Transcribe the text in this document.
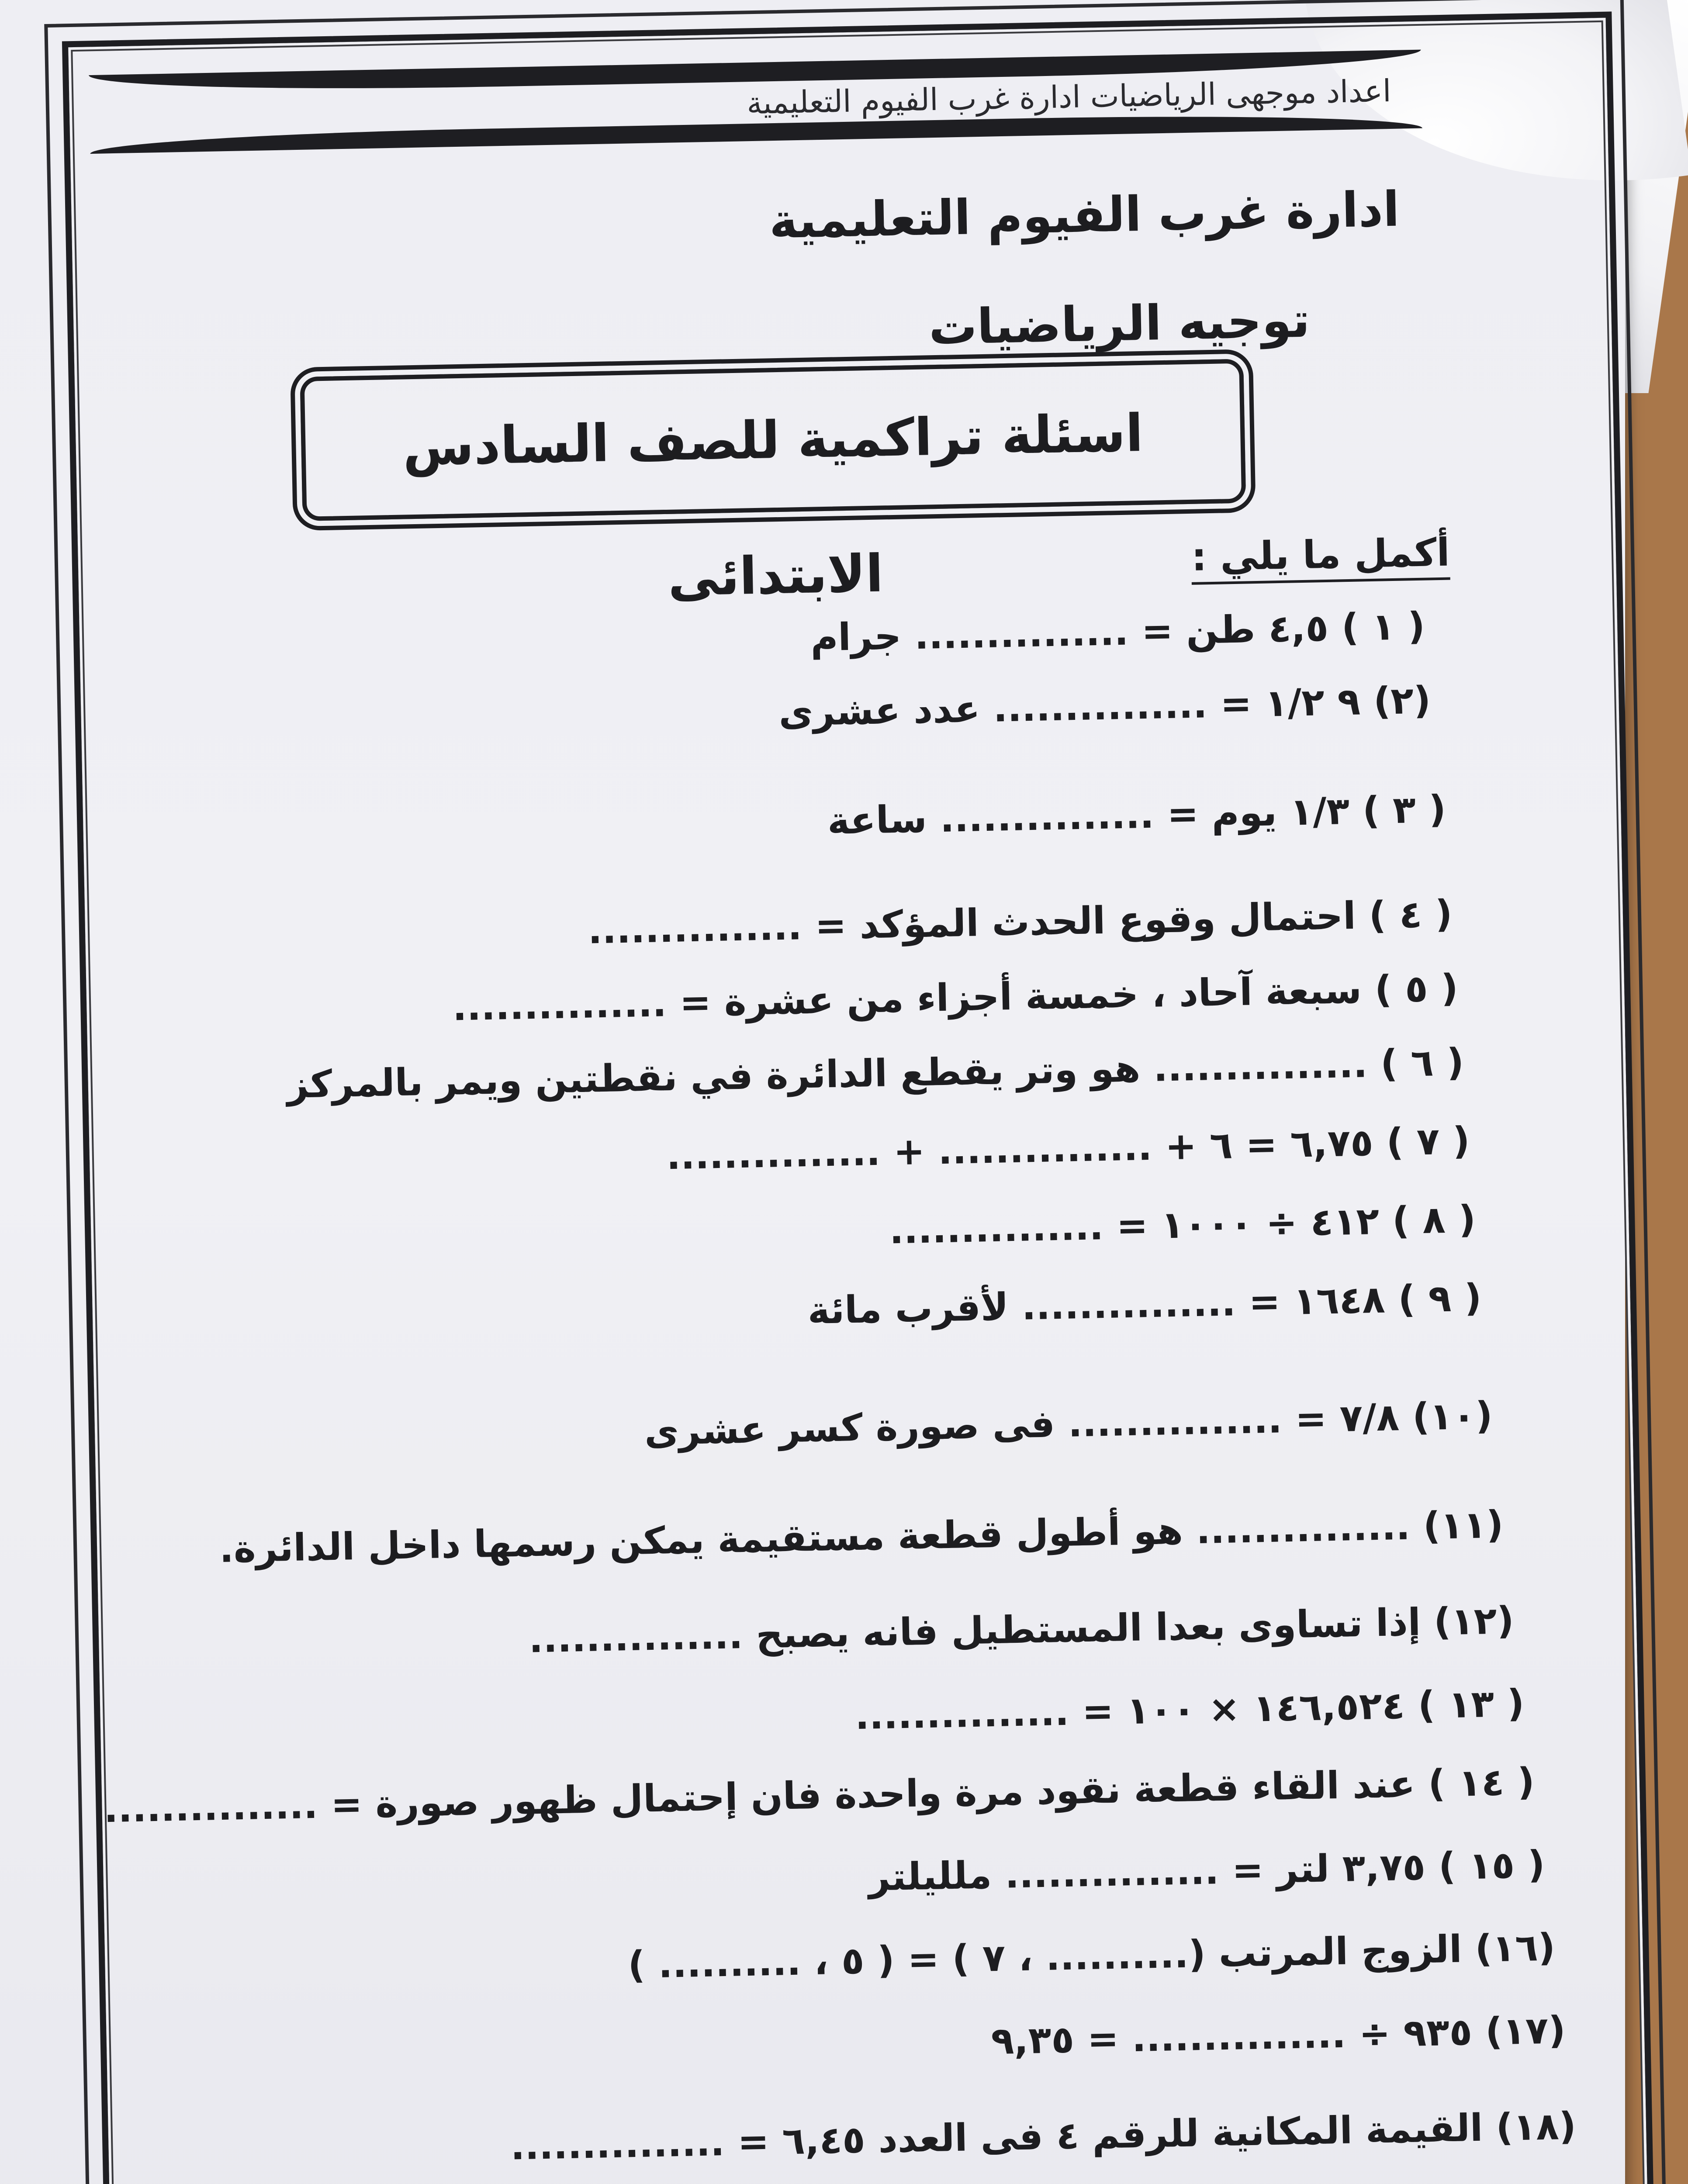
اعداد موجهى الرياضيات ادارة غرب الفيوم التعليمية
ادارة غرب الفيوم التعليمية
توجيه الرياضيات
اسئلة تراكمية للصف السادس الابتدائى	أكمل ما يلي :
( ١ ) ٤,٥ طن = ............... جرام
(٢) ٩ ١/٢ = ............... عدد عشرى
( ٣ ) ١/٣ يوم = ............... ساعة
( ٤ ) احتمال وقوع الحدث المؤكد = ...............
( ٥ ) سبعة آحاد ، خمسة أجزاء من عشرة = ...............
( ٦ ) ............... هو وتر يقطع الدائرة في نقطتين ويمر بالمركز
( ٧ ) ٦,٧٥ = ٦ + ............... + ...............
( ٨ ) ٤١٢ ÷ ١٠٠٠ = ...............
( ٩ ) ١٦٤٨ = ............... لأقرب مائة
(١٠) ٧/٨ = ............... فى صورة كسر عشرى
(١١) ............... هو أطول قطعة مستقيمة يمكن رسمها داخل الدائرة.
(١٢) إذا تساوى بعدا المستطيل فانه يصبح ...............
( ١٣ ) ١٤٦,٥٢٤ × ١٠٠ = ...............
( ١٤ ) عند القاء قطعة نقود مرة واحدة فان إحتمال ظهور صورة = ...............
( ١٥ ) ٣,٧٥ لتر = ............... ملليلتر
(١٦) الزوج المرتب (.......... ، ٧ ) = ( ٥ ، .......... )
(١٧) ٩٣٥ ÷ ............... = ٩,٣٥
(١٨) القيمة المكانية للرقم ٤ فى العدد ٦,٤٥ = ...............
